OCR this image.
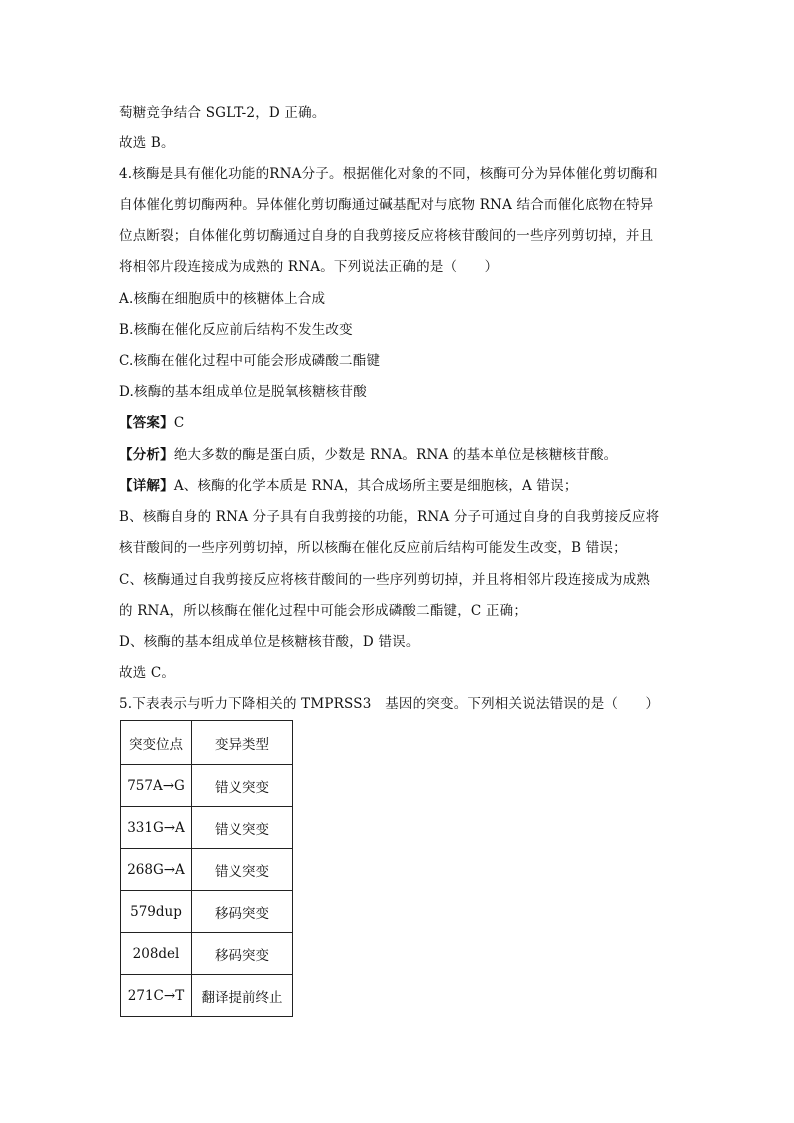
萄糖竞争结合 SGLT-2，D 正确。
故选 B。
4.核酶是具有催化功能的RNA分子。根据催化对象的不同，核酶可分为异体催化剪切酶和
自体催化剪切酶两种。异体催化剪切酶通过碱基配对与底物 RNA 结合而催化底物在特异
位点断裂；自体催化剪切酶通过自身的自我剪接反应将核苷酸间的一些序列剪切掉，并且
将相邻片段连接成为成熟的 RNA。下列说法正确的是（　　）
A.核酶在细胞质中的核糖体上合成
B.核酶在催化反应前后结构不发生改变
C.核酶在催化过程中可能会形成磷酸二酯键
D.核酶的基本组成单位是脱氧核糖核苷酸
【答案】C
【分析】绝大多数的酶是蛋白质，少数是 RNA。RNA 的基本单位是核糖核苷酸。
【详解】A、核酶的化学本质是 RNA，其合成场所主要是细胞核，A 错误；
B、核酶自身的 RNA 分子具有自我剪接的功能，RNA 分子可通过自身的自我剪接反应将
核苷酸间的一些序列剪切掉，所以核酶在催化反应前后结构可能发生改变，B 错误；
C、核酶通过自我剪接反应将核苷酸间的一些序列剪切掉，并且将相邻片段连接成为成熟
的 RNA，所以核酶在催化过程中可能会形成磷酸二酯键，C 正确；
D、核酶的基本组成单位是核糖核苷酸，D 错误。
故选 C。
5.下表表示与听力下降相关的 TMPRSS3　基因的突变。下列相关说法错误的是（　　）
突变位点	变异类型
757A→G	错义突变
331G→A	错义突变
268G→A	错义突变
579dup	移码突变
208del	移码突变
271C→T	翻译提前终止
